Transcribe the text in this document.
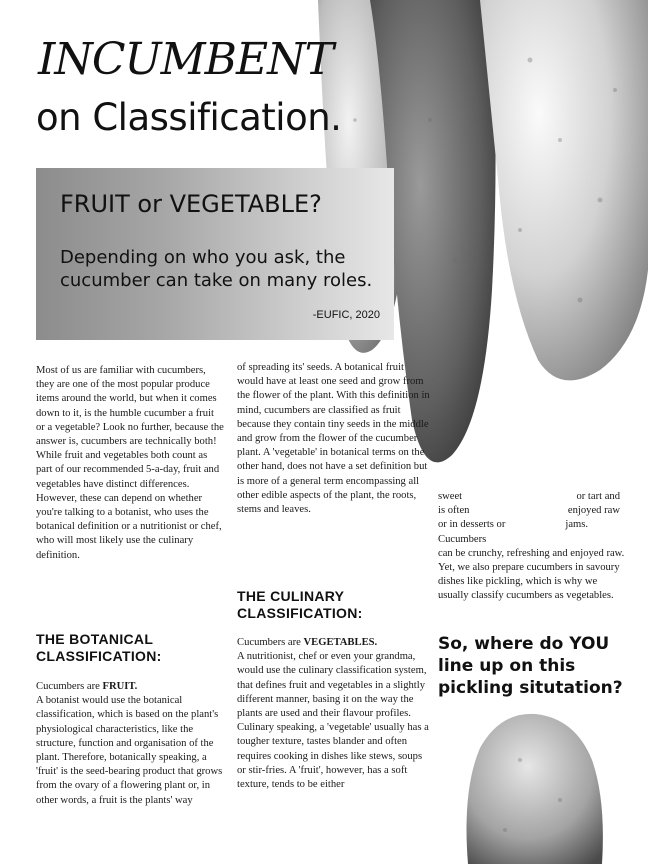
INCUMBENT
on Classification.
FRUIT or VEGETABLE?
Depending on who you ask, the cucumber can take on many roles.
-EUFIC, 2020
Most of us are familiar with cucumbers, they are one of the most popular produce items around the world, but when it comes down to it, is the humble cucumber a fruit or a vegetable? Look no further, because the answer is, cucumbers are technically both! While fruit and vegetables both count as part of our recommended 5-a-day, fruit and vegetables have distinct differences. However, these can depend on whether you're talking to a botanist, who uses the botanical definition or a nutritionist or chef, who will most likely use the culinary definition.
THE BOTANICAL CLASSIFICATION:
Cucumbers are FRUIT.
A botanist would use the botanical classification, which is based on the plant's physiological characteristics, like the structure, function and organisation of the plant. Therefore, botanically speaking, a 'fruit' is the seed-bearing product that grows from the ovary of a flowering plant or, in other words, a fruit is the plants' way
of spreading its' seeds. A botanical fruit would have at least one seed and grow from the flower of the plant. With this definition in mind, cucumbers are classified as fruit because they contain tiny seeds in the middle and grow from the flower of the cucumber plant. A 'vegetable' in botanical terms on the other hand, does not have a set definition but is more of a general term encompassing all other edible aspects of the plant, the roots, stems and leaves.
THE CULINARY CLASSIFICATION:
Cucumbers are VEGETABLES.
A nutritionist, chef or even your grandma, would use the culinary classification system, that defines fruit and vegetables in a slightly different manner, basing it on the way the plants are used and their flavour profiles. Culinary speaking, a 'vegetable' usually has a tougher texture, tastes blander and often requires cooking in dishes like stews, soups or stir-fries. A 'fruit', however, has a soft texture, tends to be either
sweet	or tart and
is often	enjoyed raw
or in desserts or	jams. Cucumbers
can be crunchy, refreshing and enjoyed raw. Yet, we also prepare cucumbers in savoury dishes like pickling, which is why we usually classify cucumbers as vegetables.
So, where do YOU line up on this pickling situtation?
